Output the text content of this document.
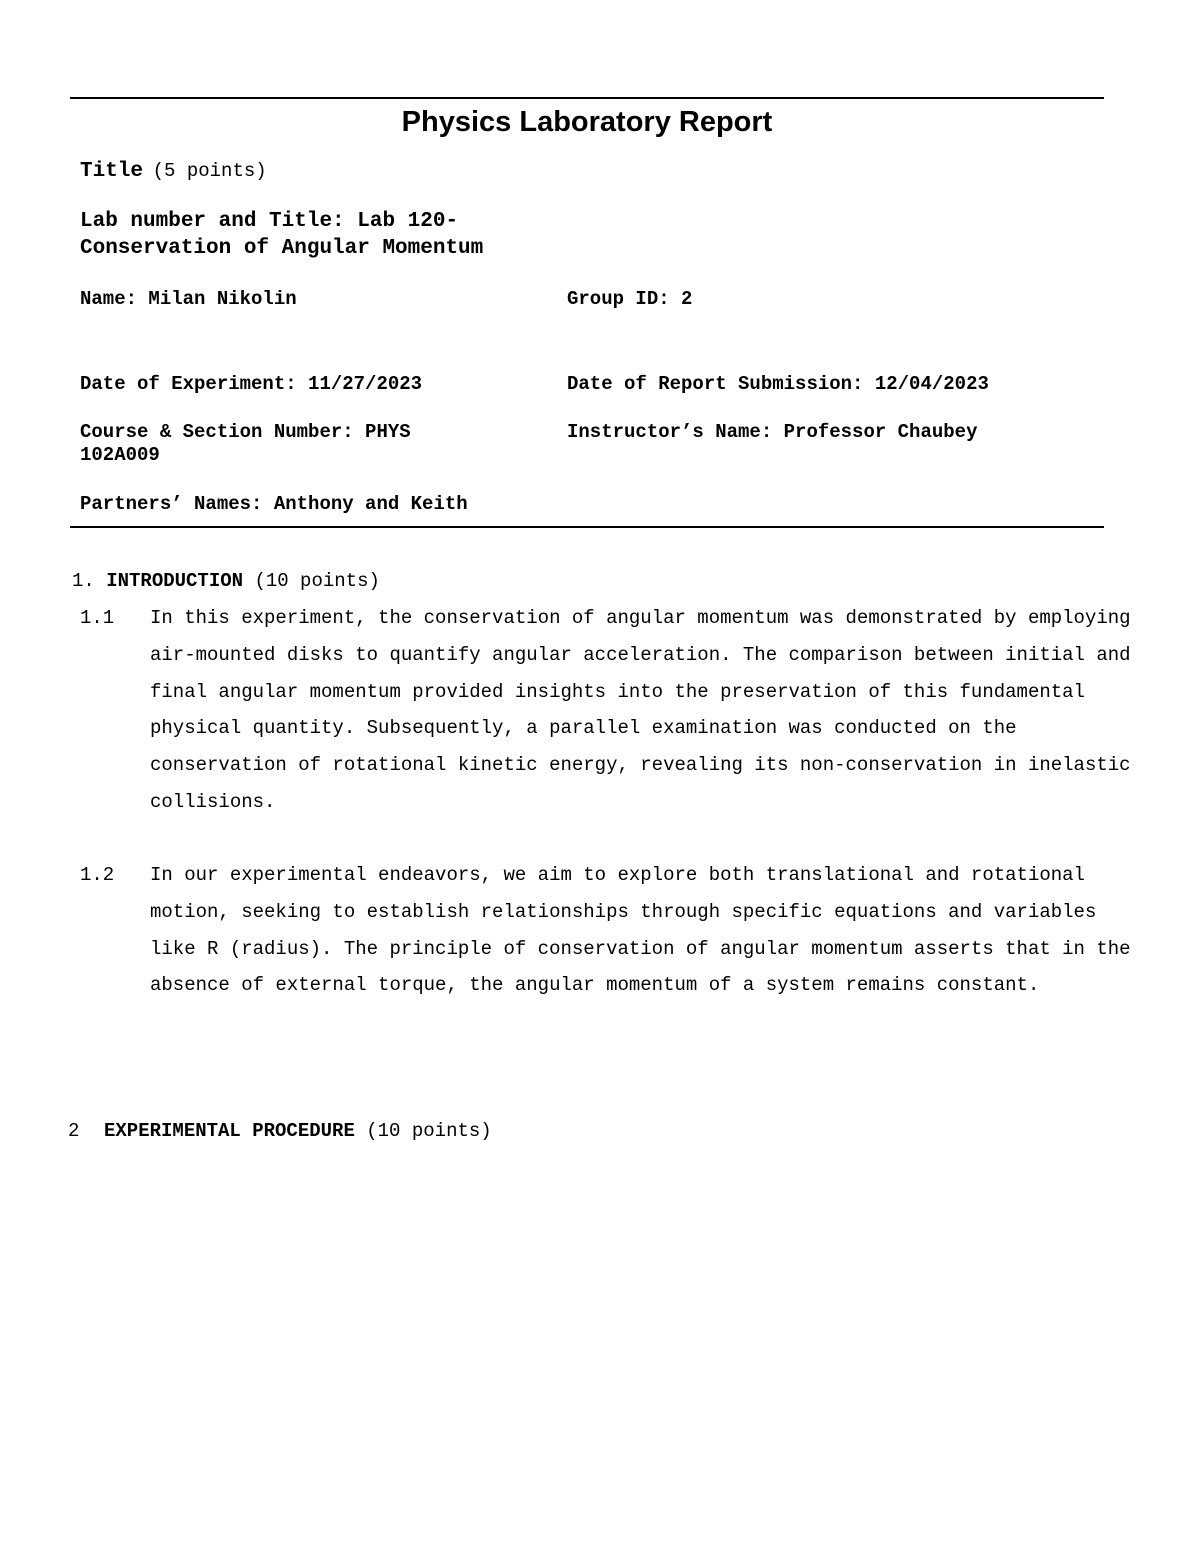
Physics Laboratory Report
Title (5 points)
Lab number and Title: Lab 120-
Conservation of Angular Momentum
Name: Milan Nikolin	Group ID: 2
Date of Experiment: 11/27/2023	Date of Report Submission: 12/04/2023
Course & Section Number: PHYS
102A009
Instructor’s Name: Professor Chaubey
Partners’ Names: Anthony and Keith
1. INTRODUCTION (10 points)
1.1 In this experiment, the conservation of angular momentum was demonstrated by employing air-mounted disks to quantify angular acceleration. The comparison between initial and final angular momentum provided insights into the preservation of this fundamental physical quantity. Subsequently, a parallel examination was conducted on the conservation of rotational kinetic energy, revealing its non-conservation in inelastic collisions.
1.2 In our experimental endeavors, we aim to explore both translational and rotational motion, seeking to establish relationships through specific equations and variables like R (radius). The principle of conservation of angular momentum asserts that in the absence of external torque, the angular momentum of a system remains constant.
2 EXPERIMENTAL PROCEDURE (10 points)
